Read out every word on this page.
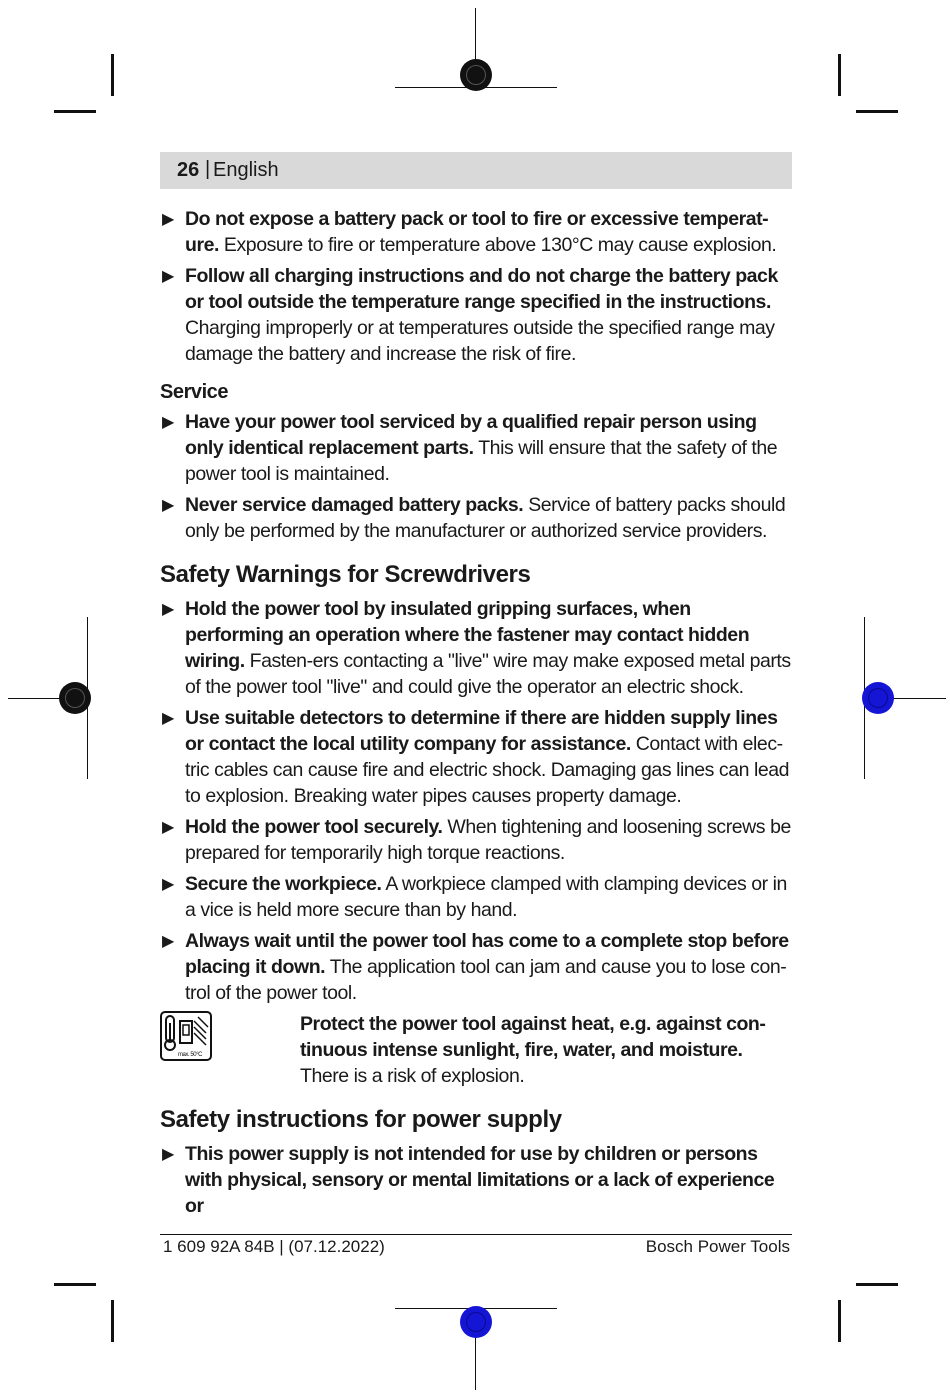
26 | English
▶ Do not expose a battery pack or tool to fire or excessive temperat-ure. Exposure to fire or temperature above 130°C may cause explosion.
▶ Follow all charging instructions and do not charge the battery pack or tool outside the temperature range specified in the instructions. Charging improperly or at temperatures outside the specified range may damage the battery and increase the risk of fire.
Service
▶ Have your power tool serviced by a qualified repair person using only identical replacement parts. This will ensure that the safety of the power tool is maintained.
▶ Never service damaged battery packs. Service of battery packs should only be performed by the manufacturer or authorized service providers.
Safety Warnings for Screwdrivers
▶ Hold the power tool by insulated gripping surfaces, when performing an operation where the fastener may contact hidden wiring. Fasten-ers contacting a "live" wire may make exposed metal parts of the power tool "live" and could give the operator an electric shock.
▶ Use suitable detectors to determine if there are hidden supply lines or contact the local utility company for assistance. Contact with elec-tric cables can cause fire and electric shock. Damaging gas lines can lead to explosion. Breaking water pipes causes property damage.
▶ Hold the power tool securely. When tightening and loosening screws be prepared for temporarily high torque reactions.
▶ Secure the workpiece. A workpiece clamped with clamping devices or in a vice is held more secure than by hand.
▶ Always wait until the power tool has come to a complete stop before placing it down. The application tool can jam and cause you to lose con-trol of the power tool.
max. 50°C
Protect the power tool against heat, e.g. against con-tinuous intense sunlight, fire, water, and moisture.
There is a risk of explosion.
Safety instructions for power supply
▶ This power supply is not intended for use by children or persons with physical, sensory or mental limitations or a lack of experience or
1 609 92A 84B | (07.12.2022)	Bosch Power Tools
